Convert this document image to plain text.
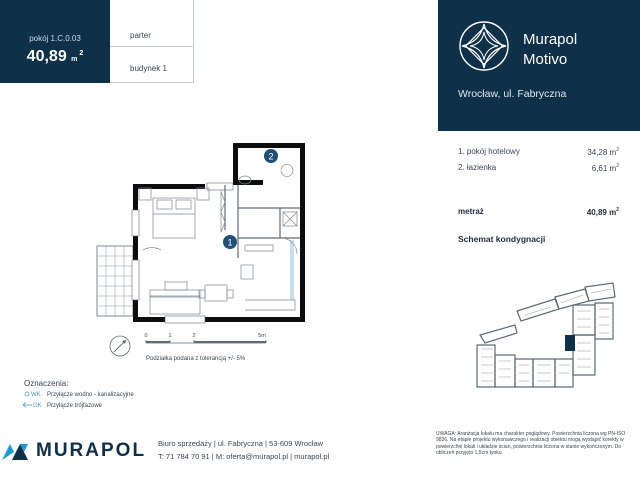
pokój 1.C.0.03
40,89 $m^2$
parter
budynek 1
Murapol
Motivo
Wrocław, ul. Fabryczna
1. pokój hotelowy	34,28 $m^2$
2. łazienka	6,61 $m^2$
metraż	40,89 $m^2$
Schemat kondygnacji
1
2
0	1	2	5m
Podziałka podana z tolerancją +/- 5%
Oznaczenia:
WK Przyłącze wodno - kanalizacyjne
GK Przyłącze trójfazowe
MURAPOL Biuro sprzedaży | ul. Fabryczna | 53-609 Wrocław
T: 71 784 70 91 | M: oferta@murapol.pl | murapol.pl
UWAGA: Aranżacja lokalu ma charakter poglądowy. Powierzchnia liczona wg PN-ISO 9836. Na etapie projektu wykonawczego i realizacji obiektu mogą wystąpić korekty w powierzchni lokali i układzie ścian, powierzchnia liczona w stanie wykończonym. Do obliczeń przyjęto 1,5cm tynku.
